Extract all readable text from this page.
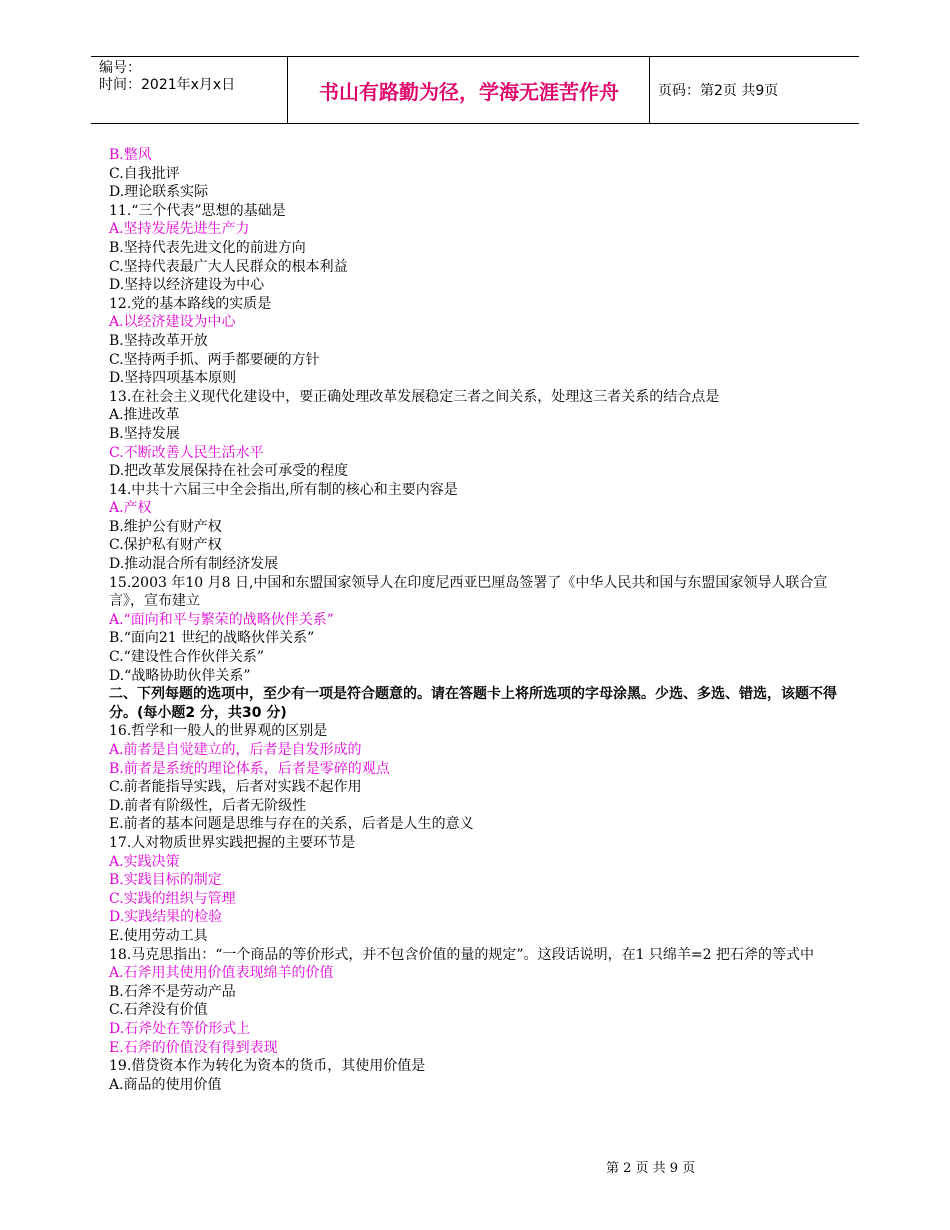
编号：
时间：2021年x月x日	书山有路勤为径，学海无涯苦作舟	页码：第2页 共9页
B.整风
C.自我批评
D.理论联系实际
11.“三个代表”思想的基础是
A.坚持发展先进生产力
B.坚持代表先进文化的前进方向
C.坚持代表最广大人民群众的根本利益
D.坚持以经济建设为中心
12.党的基本路线的实质是
A.以经济建设为中心
B.坚持改革开放
C.坚持两手抓、两手都要硬的方针
D.坚持四项基本原则
13.在社会主义现代化建设中，要正确处理改革发展稳定三者之间关系，处理这三者关系的结合点是
A.推进改革
B.坚持发展
C.不断改善人民生活水平
D.把改革发展保持在社会可承受的程度
14.中共十六届三中全会指出,所有制的核心和主要内容是
A.产权
B.维护公有财产权
C.保护私有财产权
D.推动混合所有制经济发展
15.2003 年10 月8 日,中国和东盟国家领导人在印度尼西亚巴厘岛签署了《中华人民共和国与东盟国家领导人联合宣言》，宣布建立
A.“面向和平与繁荣的战略伙伴关系”
B.“面向21 世纪的战略伙伴关系”
C.“建设性合作伙伴关系”
D.“战略协助伙伴关系”
二、下列每题的选项中，至少有一项是符合题意的。请在答题卡上将所选项的字母涂黑。少选、多选、错选，该题不得分。(每小题2 分，共30 分)
16.哲学和一般人的世界观的区别是
A.前者是自觉建立的，后者是自发形成的
B.前者是系统的理论体系，后者是零碎的观点
C.前者能指导实践，后者对实践不起作用
D.前者有阶级性，后者无阶级性
E.前者的基本问题是思维与存在的关系，后者是人生的意义
17.人对物质世界实践把握的主要环节是
A.实践决策
B.实践目标的制定
C.实践的组织与管理
D.实践结果的检验
E.使用劳动工具
18.马克思指出：“一个商品的等价形式，并不包含价值的量的规定”。这段话说明，在1 只绵羊=2 把石斧的等式中
A.石斧用其使用价值表现绵羊的价值
B.石斧不是劳动产品
C.石斧没有价值
D.石斧处在等价形式上
E.石斧的价值没有得到表现
19.借贷资本作为转化为资本的货币，其使用价值是
A.商品的使用价值
第 2 页 共 9 页
